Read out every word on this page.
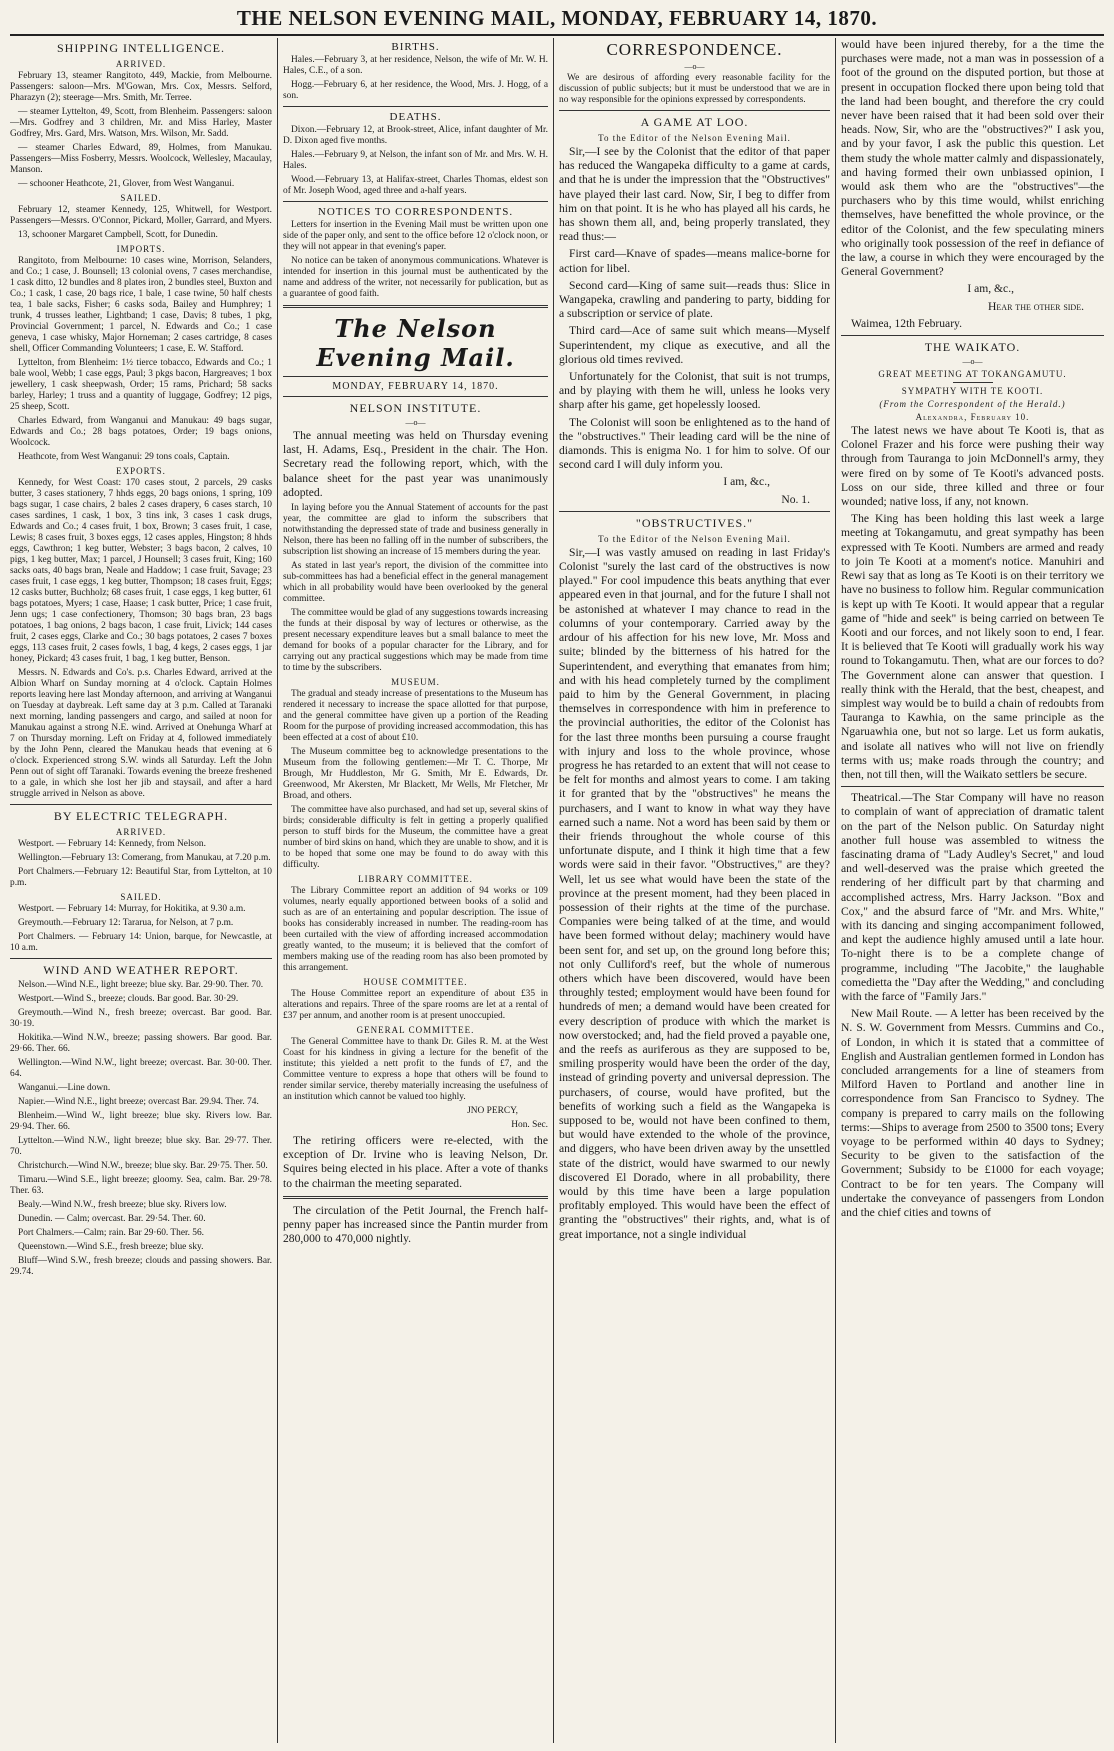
THE NELSON EVENING MAIL, MONDAY, FEBRUARY 14, 1870.
SHIPPING INTELLIGENCE.
ARRIVED.

February 13, steamer Rangitoto, 449, Mackie, from Melbourne. Passengers: saloon—Mrs. M'Gowan, Mrs. Cox, Messrs. Selford, Pharazyn (2); steerage—Mrs. Smith, Mr. Terree.

— steamer Lyttelton, 49, Scott, from Blenheim. Passengers: saloon—Mrs. Godfrey and 3 children, Mr. and Miss Harley, Master Godfrey, Mrs. Gard, Mrs. Watson, Mrs. Wilson, Mr. Sadd.

— steamer Charles Edward, 89, Holmes, from Manukau. Passengers—Miss Fosberry, Messrs. Woolcock, Wellesley, Macaulay, Manson.

— schooner Heathcote, 21, Glover, from West Wanganui.

SAILED.

February 12, steamer Kennedy, 125, Whitwell, for Westport. Passengers—Messrs. O'Connor, Pickard, Moller, Garrard, and Myers.

13, schooner Margaret Campbell, Scott, for Dunedin.

IMPORTS.

Rangitoto, from Melbourne: 10 cases wine, Morrison, Selanders, and Co.; 1 case, J. Bounsell; 13 colonial ovens, 7 cases merchandise, 1 cask ditto, 12 bundles and 8 plates iron, 2 bundles steel, Buxton and Co.; 1 cask, 1 case, 20 bags rice, 1 bale, 1 case twine, 50 half chests tea, 1 bale sacks, Fisher; 6 casks soda, Bailey and Humphrey; 1 trunk, 4 trusses leather, Lightband; 1 case, Davis; 8 tubes, 1 pkg, Provincial Government; 1 parcel, N. Edwards and Co.; 1 case geneva, 1 case whisky, Major Horneman; 2 cases cartridge, 8 cases shell, Officer Commanding Volunteers; 1 case, E. W. Stafford.

Lyttelton, from Blenheim: 1½ tierce tobacco, Edwards and Co.; 1 bale wool, Webb; 1 case eggs, Paul; 3 pkgs bacon, Hargreaves; 1 box jewellery, 1 cask sheepwash, Order; 15 rams, Prichard; 58 sacks barley, Harley; 1 truss and a quantity of luggage, Godfrey; 12 pigs, 25 sheep, Scott.

Charles Edward, from Wanganui and Manukau: 49 bags sugar, Edwards and Co.; 28 bags potatoes, Order; 19 bags onions, Woolcock.

Heathcote, from West Wanganui: 29 tons coals, Captain.

EXPORTS.

Kennedy, for West Coast: 170 cases stout, 2 parcels, 29 casks butter, 3 cases stationery, 7 hhds eggs, 20 bags onions, 1 spring, 109 bags sugar, 1 case chairs, 2 bales 2 cases drapery, 6 cases starch, 10 cases sardines, 1 cask, 1 box, 3 tins ink, 3 cases 1 cask drugs, Edwards and Co.; 4 cases fruit, 1 box, Brown; 3 cases fruit, 1 case, Lewis; 8 cases fruit, 3 boxes eggs, 12 cases apples, Hingston; 8 hhds eggs, Cawthron; 1 keg butter, Webster; 3 bags bacon, 2 calves, 10 pigs, 1 keg butter, Max; 1 parcel, J Hounsell; 3 cases fruit, King; 160 sacks oats, 40 bags bran, Neale and Haddow; 1 case fruit, Savage; 23 cases fruit, 1 case eggs, 1 keg butter, Thompson; 18 cases fruit, Eggs; 12 casks butter, Buchholz; 68 cases fruit, 1 case eggs, 1 keg butter, 61 bags potatoes, Myers; 1 case, Haase; 1 cask butter, Price; 1 case fruit, Jenn ugs; 1 case confectionery, Thomson; 30 bags bran, 23 bags potatoes, 1 bag onions, 2 bags bacon, 1 case fruit, Livick; 144 cases fruit, 2 cases eggs, Clarke and Co.; 30 bags potatoes, 2 cases 7 boxes eggs, 113 cases fruit, 2 cases fowls, 1 bag, 4 kegs, 2 cases eggs, 1 jar honey, Pickard; 43 cases fruit, 1 bag, 1 keg butter, Benson.

Messrs. N. Edwards and Co's. p.s. Charles Edward, arrived at the Albion Wharf on Sunday morning at 4 o'clock. Captain Holmes reports leaving here last Monday afternoon, and arriving at Wanganui on Tuesday at daybreak. Left same day at 3 p.m. Called at Taranaki next morning, landing passengers and cargo, and sailed at noon for Manukau against a strong N.E. wind. Arrived at Onehunga Wharf at 7 on Thursday morning. Left on Friday at 4, followed immediately by the John Penn, cleared the Manukau heads that evening at 6 o'clock. Experienced strong S.W. winds all Saturday. Left the John Penn out of sight off Taranaki. Towards evening the breeze freshened to a gale, in which she lost her jib and staysail, and after a hard struggle arrived in Nelson as above.

BY ELECTRIC TELEGRAPH.
ARRIVED.

Westport. — February 14: Kennedy, from Nelson.

Wellington.—February 13: Comerang, from Manukau, at 7.20 p.m.

Port Chalmers.—February 12: Beautiful Star, from Lyttelton, at 10 p.m.

SAILED.

Westport. — February 14: Murray, for Hokitika, at 9.30 a.m.

Greymouth.—February 12: Tararua, for Nelson, at 7 p.m.

Port Chalmers. — February 14: Union, barque, for Newcastle, at 10 a.m.

WIND AND WEATHER REPORT.

Nelson.—Wind N.E., light breeze; blue sky. Bar. 29·90. Ther. 70.

Westport.—Wind S., breeze; clouds. Bar good. Bar. 30·29.

Greymouth.—Wind N., fresh breeze; overcast. Bar good. Bar. 30·19.

Hokitika.—Wind N.W., breeze; passing showers. Bar good. Bar. 29·66. Ther. 66.

Wellington.—Wind N.W., light breeze; overcast. Bar. 30·00. Ther. 64.

Wanganui.—Line down.

Napier.—Wind N.E., light breeze; overcast Bar. 29.94. Ther. 74.

Blenheim.—Wind W., light breeze; blue sky. Rivers low. Bar. 29·94. Ther. 66.

Lyttelton.—Wind N.W., light breeze; blue sky. Bar. 29·77. Ther. 70.

Christchurch.—Wind N.W., breeze; blue sky. Bar. 29·75. Ther. 50.

Timaru.—Wind S.E., light breeze; gloomy. Sea, calm. Bar. 29·78. Ther. 63.

Bealy.—Wind N.W., fresh breeze; blue sky. Rivers low.

Dunedin. — Calm; overcast. Bar. 29·54. Ther. 60.

Port Chalmers.—Calm; rain. Bar 29·60. Ther. 56.

Queenstown.—Wind S.E., fresh breeze; blue sky.

Bluff—Wind S.W., fresh breeze; clouds and passing showers. Bar. 29.74.

BIRTHS.

Hales.—February 3, at her residence, Nelson, the wife of Mr. W. H. Hales, C.E., of a son.

Hogg.—February 6, at her residence, the Wood, Mrs. J. Hogg, of a son.

DEATHS.

Dixon.—February 12, at Brook-street, Alice, infant daughter of Mr. D. Dixon aged five months.

Hales.—February 9, at Nelson, the infant son of Mr. and Mrs. W. H. Hales.

Wood.—February 13, at Halifax-street, Charles Thomas, eldest son of Mr. Joseph Wood, aged three and a-half years.

NOTICES TO CORRESPONDENTS.

Letters for insertion in the Evening Mail must be written upon one side of the paper only, and sent to the office before 12 o'clock noon, or they will not appear in that evening's paper.

No notice can be taken of anonymous communications. Whatever is intended for insertion in this journal must be authenticated by the name and address of the writer, not necessarily for publication, but as a guarantee of good faith.

The Nelson Evening Mail.
MONDAY, FEBRUARY 14, 1870.
NELSON INSTITUTE.
—o—

The annual meeting was held on Thursday evening last, H. Adams, Esq., President in the chair. The Hon. Secretary read the following report, which, with the balance sheet for the past year was unanimously adopted.

In laying before you the Annual Statement of accounts for the past year, the committee are glad to inform the subscribers that notwithstanding the depressed state of trade and business generally in Nelson, there has been no falling off in the number of subscribers, the subscription list showing an increase of 15 members during the year.

As stated in last year's report, the division of the committee into sub-committees has had a beneficial effect in the general management which in all probability would have been overlooked by the general committee.

The committee would be glad of any suggestions towards increasing the funds at their disposal by way of lectures or otherwise, as the present necessary expenditure leaves but a small balance to meet the demand for books of a popular character for the Library, and for carrying out any practical suggestions which may be made from time to time by the subscribers.

MUSEUM.

The gradual and steady increase of presentations to the Museum has rendered it necessary to increase the space allotted for that purpose, and the general committee have given up a portion of the Reading Room for the purpose of providing increased accommodation, this has been effected at a cost of about £10.

The Museum committee beg to acknowledge presentations to the Museum from the following gentlemen:—Mr T. C. Thorpe, Mr Brough, Mr Huddleston, Mr G. Smith, Mr E. Edwards, Dr. Greenwood, Mr Akersten, Mr Blackett, Mr Wells, Mr Fletcher, Mr Broad, and others.

The committee have also purchased, and had set up, several skins of birds; considerable difficulty is felt in getting a properly qualified person to stuff birds for the Museum, the committee have a great number of bird skins on hand, which they are unable to show, and it is to be hoped that some one may be found to do away with this difficulty.

LIBRARY COMMITTEE.

The Library Committee report an addition of 94 works or 109 volumes, nearly equally apportioned between books of a solid and such as are of an entertaining and popular description. The issue of books has considerably increased in number. The reading-room has been curtailed with the view of affording increased accommodation greatly wanted, to the museum; it is believed that the comfort of members making use of the reading room has also been promoted by this arrangement.

HOUSE COMMITTEE.

The House Committee report an expenditure of about £35 in alterations and repairs. Three of the spare rooms are let at a rental of £37 per annum, and another room is at present unoccupied.

GENERAL COMMITTEE.

The General Committee have to thank Dr. Giles R. M. at the West Coast for his kindness in giving a lecture for the benefit of the institute; this yielded a nett profit to the funds of £7, and the Committee venture to express a hope that others will be found to render similar service, thereby materially increasing the usefulness of an institution which cannot be valued too highly.

JNO PERCY,

Hon. Sec.

The retiring officers were re-elected, with the exception of Dr. Irvine who is leaving Nelson, Dr. Squires being elected in his place. After a vote of thanks to the chairman the meeting separated.

The circulation of the Petit Journal, the French half-penny paper has increased since the Pantin murder from 280,000 to 470,000 nightly.

CORRESPONDENCE.
—o—

We are desirous of affording every reasonable facility for the discussion of public subjects; but it must be understood that we are in no way responsible for the opinions expressed by correspondents.

A GAME AT LOO.
To the Editor of the Nelson Evening Mail.

Sir,—I see by the Colonist that the editor of that paper has reduced the Wangapeka difficulty to a game at cards, and that he is under the impression that the "Obstructives" have played their last card. Now, Sir, I beg to differ from him on that point. It is he who has played all his cards, he has shown them all, and, being properly translated, they read thus:—

First card—Knave of spades—means malice-borne for action for libel.

Second card—King of same suit—reads thus: Slice in Wangapeka, crawling and pandering to party, bidding for a subscription or service of plate.

Third card—Ace of same suit which means—Myself Superintendent, my clique as executive, and all the glorious old times revived.

Unfortunately for the Colonist, that suit is not trumps, and by playing with them he will, unless he looks very sharp after his game, get hopelessly loosed.

The Colonist will soon be enlightened as to the hand of the "obstructives." Their leading card will be the nine of diamonds. This is enigma No. 1 for him to solve. Of our second card I will duly inform you.

I am, &c.,

No. 1.

"OBSTRUCTIVES."
To the Editor of the Nelson Evening Mail.

Sir,—I was vastly amused on reading in last Friday's Colonist "surely the last card of the obstructives is now played." For cool impudence this beats anything that ever appeared even in that journal, and for the future I shall not be astonished at whatever I may chance to read in the columns of your contemporary. Carried away by the ardour of his affection for his new love, Mr. Moss and suite; blinded by the bitterness of his hatred for the Superintendent, and everything that emanates from him; and with his head completely turned by the compliment paid to him by the General Government, in placing themselves in correspondence with him in preference to the provincial authorities, the editor of the Colonist has for the last three months been pursuing a course fraught with injury and loss to the whole province, whose progress he has retarded to an extent that will not cease to be felt for months and almost years to come. I am taking it for granted that by the "obstructives" he means the purchasers, and I want to know in what way they have earned such a name. Not a word has been said by them or their friends throughout the whole course of this unfortunate dispute, and I think it high time that a few words were said in their favor. "Obstructives," are they? Well, let us see what would have been the state of the province at the present moment, had they been placed in possession of their rights at the time of the purchase. Companies were being talked of at the time, and would have been formed without delay; machinery would have been sent for, and set up, on the ground long before this; not only Culliford's reef, but the whole of numerous others which have been discovered, would have been throughly tested; employment would have been found for hundreds of men; a demand would have been created for every description of produce with which the market is now overstocked; and, had the field proved a payable one, and the reefs as auriferous as they are supposed to be, smiling prosperity would have been the order of the day, instead of grinding poverty and universal depression. The purchasers, of course, would have profited, but the benefits of working such a field as the Wangapeka is supposed to be, would not have been confined to them, but would have extended to the whole of the province, and diggers, who have been driven away by the unsettled state of the district, would have swarmed to our newly discovered El Dorado, where in all probability, there would by this time have been a large population profitably employed. This would have been the effect of granting the "obstructives" their rights, and, what is of great importance, not a single individual

would have been injured thereby, for a the time the purchases were made, not a man was in possession of a foot of the ground on the disputed portion, but those at present in occupation flocked there upon being told that the land had been bought, and therefore the cry could never have been raised that it had been sold over their heads. Now, Sir, who are the "obstructives?" I ask you, and by your favor, I ask the public this question. Let them study the whole matter calmly and dispassionately, and having formed their own unbiassed opinion, I would ask them who are the "obstructives"—the purchasers who by this time would, whilst enriching themselves, have benefitted the whole province, or the editor of the Colonist, and the few speculating miners who originally took possession of the reef in defiance of the law, a course in which they were encouraged by the General Government?

I am, &c.,

Hear the other side.

Waimea, 12th February.

THE WAIKATO.
—o—
GREAT MEETING AT TOKANGAMUTU.
SYMPATHY WITH TE KOOTI.
(From the Correspondent of the Herald.)
Alexandra, February 10.

The latest news we have about Te Kooti is, that as Colonel Frazer and his force were pushing their way through from Tauranga to join McDonnell's army, they were fired on by some of Te Kooti's advanced posts. Loss on our side, three killed and three or four wounded; native loss, if any, not known.

The King has been holding this last week a large meeting at Tokangamutu, and great sympathy has been expressed with Te Kooti. Numbers are armed and ready to join Te Kooti at a moment's notice. Manuhiri and Rewi say that as long as Te Kooti is on their territory we have no business to follow him. Regular communication is kept up with Te Kooti. It would appear that a regular game of "hide and seek" is being carried on between Te Kooti and our forces, and not likely soon to end, I fear. It is believed that Te Kooti will gradually work his way round to Tokangamutu. Then, what are our forces to do? The Government alone can answer that question. I really think with the Herald, that the best, cheapest, and simplest way would be to build a chain of redoubts from Tauranga to Kawhia, on the same principle as the Ngaruawhia one, but not so large. Let us form aukatis, and isolate all natives who will not live on friendly terms with us; make roads through the country; and then, not till then, will the Waikato settlers be secure.

Theatrical.—The Star Company will have no reason to complain of want of appreciation of dramatic talent on the part of the Nelson public. On Saturday night another full house was assembled to witness the fascinating drama of "Lady Audley's Secret," and loud and well-deserved was the praise which greeted the rendering of her difficult part by that charming and accomplished actress, Mrs. Harry Jackson. "Box and Cox," and the absurd farce of "Mr. and Mrs. White," with its dancing and singing accompaniment followed, and kept the audience highly amused until a late hour. To-night there is to be a complete change of programme, including "The Jacobite," the laughable comedietta the "Day after the Wedding," and concluding with the farce of "Family Jars."

New Mail Route. — A letter has been received by the N. S. W. Government from Messrs. Cummins and Co., of London, in which it is stated that a committee of English and Australian gentlemen formed in London has concluded arrangements for a line of steamers from Milford Haven to Portland and another line in correspondence from San Francisco to Sydney. The company is prepared to carry mails on the following terms:—Ships to average from 2500 to 3500 tons; Every voyage to be performed within 40 days to Sydney; Security to be given to the satisfaction of the Government; Subsidy to be £1000 for each voyage; Contract to be for ten years. The Company will undertake the conveyance of passengers from London and the chief cities and towns of
